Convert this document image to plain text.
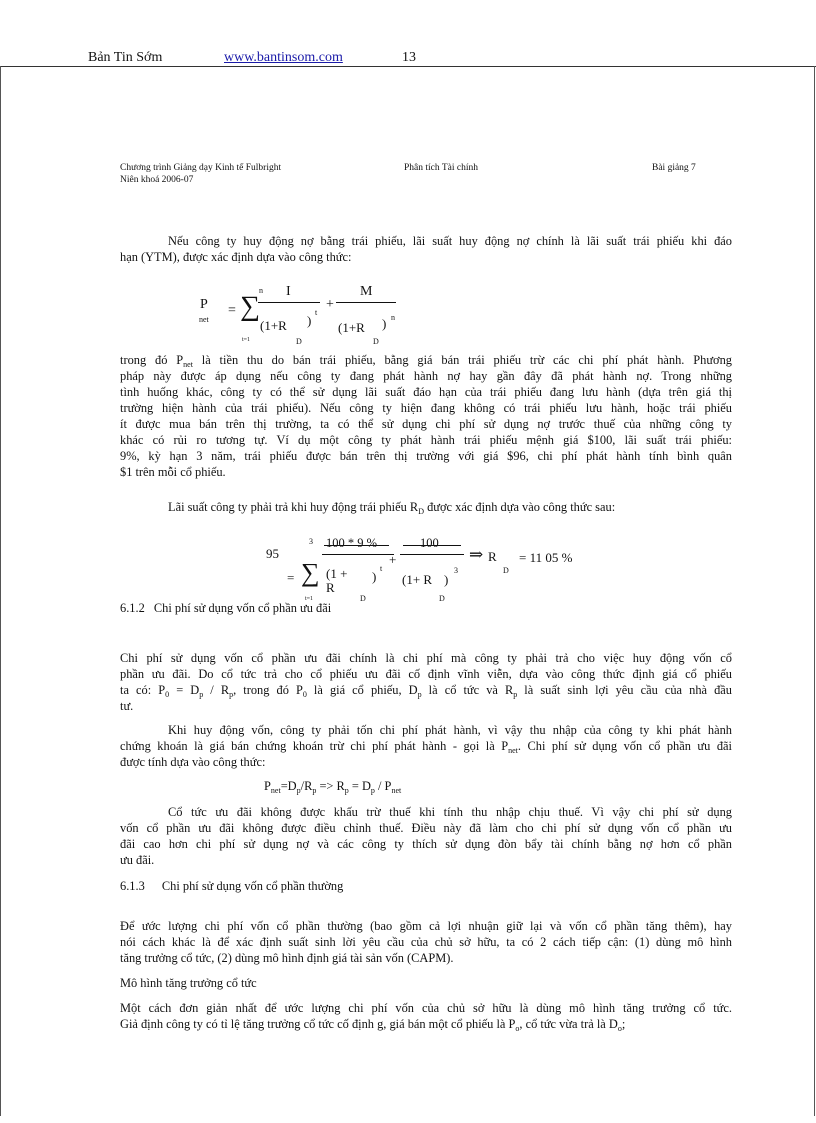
Bản Tin Sớm	www.bantinsom.com	13
Chương trình Giảng dạy Kinh tế Fulbright
Niên khoá 2006-07
Phân tích Tài chính	Bài giảng 7
Nếu công ty huy động nợ bằng trái phiếu, lãi suất huy động nợ chính là lãi suất trái phiếu khi đáo
hạn (YTM), được xác định dựa vào công thức:
P
net
= ∑
n
t=1
I
(1+R )
D
t
+
M
(1+R )
D
n
trong đó $P_{net}$ là tiền thu do bán trái phiếu, bằng giá bán trái phiếu trừ các chi phí phát hành. Phương
pháp này được áp dụng nếu công ty đang phát hành nợ hay gần đây đã phát hành nợ. Trong những
tình huống khác, công ty có thể sử dụng lãi suất đáo hạn của trái phiếu đang lưu hành (dựa trên giá thị
trường hiện hành của trái phiếu). Nếu công ty hiện đang không có trái phiếu lưu hành, hoặc trái phiếu
ít được mua bán trên thị trường, ta có thể sử dụng chi phí sử dụng nợ trước thuế của những công ty
khác có rủi ro tương tự. Ví dụ một công ty phát hành trái phiếu mệnh giá $100, lãi suất trái phiếu:
9%, kỳ hạn 3 năm, trái phiếu được bán trên thị trường với giá $96, chi phí phát hành tính bình quân
$1 trên mỗi cổ phiếu.
Lãi suất công ty phải trả khi huy động trái phiếu $R_D$ được xác định dựa vào công thức sau:
95
3
= ∑
t=1
100 * 9 %
(1 +
R
D
)
t
+
100
(1+ R
D
)
3
⇒ R
D
= 11 05 %
6.1.2 Chi phí sử dụng vốn cổ phần ưu đãi
Chi phí sử dụng vốn cổ phần ưu đãi chính là chi phí mà công ty phải trả cho việc huy động vốn cổ
phần ưu đãi. Do cổ tức trả cho cổ phiếu ưu đãi cố định vĩnh viễn, dựa vào công thức định giá cổ phiếu
ta có: $P_0 = D_p / R_p$, trong đó $P_0$ là giá cổ phiếu, $D_p$ là cổ tức và $R_p$ là suất sinh lợi yêu cầu của nhà đầu
tư.
Khi huy động vốn, công ty phải tốn chi phí phát hành, vì vậy thu nhập của công ty khi phát hành
chứng khoán là giá bán chứng khoán trừ chi phí phát hành - gọi là $P_{net}$. Chi phí sử dụng vốn cổ phần ưu đãi
được tính dựa vào công thức:
$P_{net}=D_p/R_p => R_p = D_p / P_{net}$
Cổ tức ưu đãi không được khấu trừ thuế khi tính thu nhập chịu thuế. Vì vậy chi phí sử dụng
vốn cổ phần ưu đãi không được điều chỉnh thuế. Điều này đã làm cho chi phí sử dụng vốn cổ phần ưu
đãi cao hơn chi phí sử dụng nợ và các công ty thích sử dụng đòn bẩy tài chính bằng nợ hơn cổ phần
ưu đãi.
6.1.3 Chi phí sử dụng vốn cổ phần thường
Để ước lượng chi phí vốn cổ phần thường (bao gồm cả lợi nhuận giữ lại và vốn cổ phần tăng thêm), hay
nói cách khác là để xác định suất sinh lời yêu cầu của chủ sở hữu, ta có 2 cách tiếp cận: (1) dùng mô hình
tăng trưởng cổ tức, (2) dùng mô hình định giá tài sản vốn (CAPM).
Mô hình tăng trưởng cổ tức
Một cách đơn giản nhất để ước lượng chi phí vốn của chủ sở hữu là dùng mô hình tăng trưởng cổ tức.
Giả định công ty có tỉ lệ tăng trưởng cổ tức cố định g, giá bán một cổ phiếu là $P_o$, cổ tức vừa trả là $D_o$;
